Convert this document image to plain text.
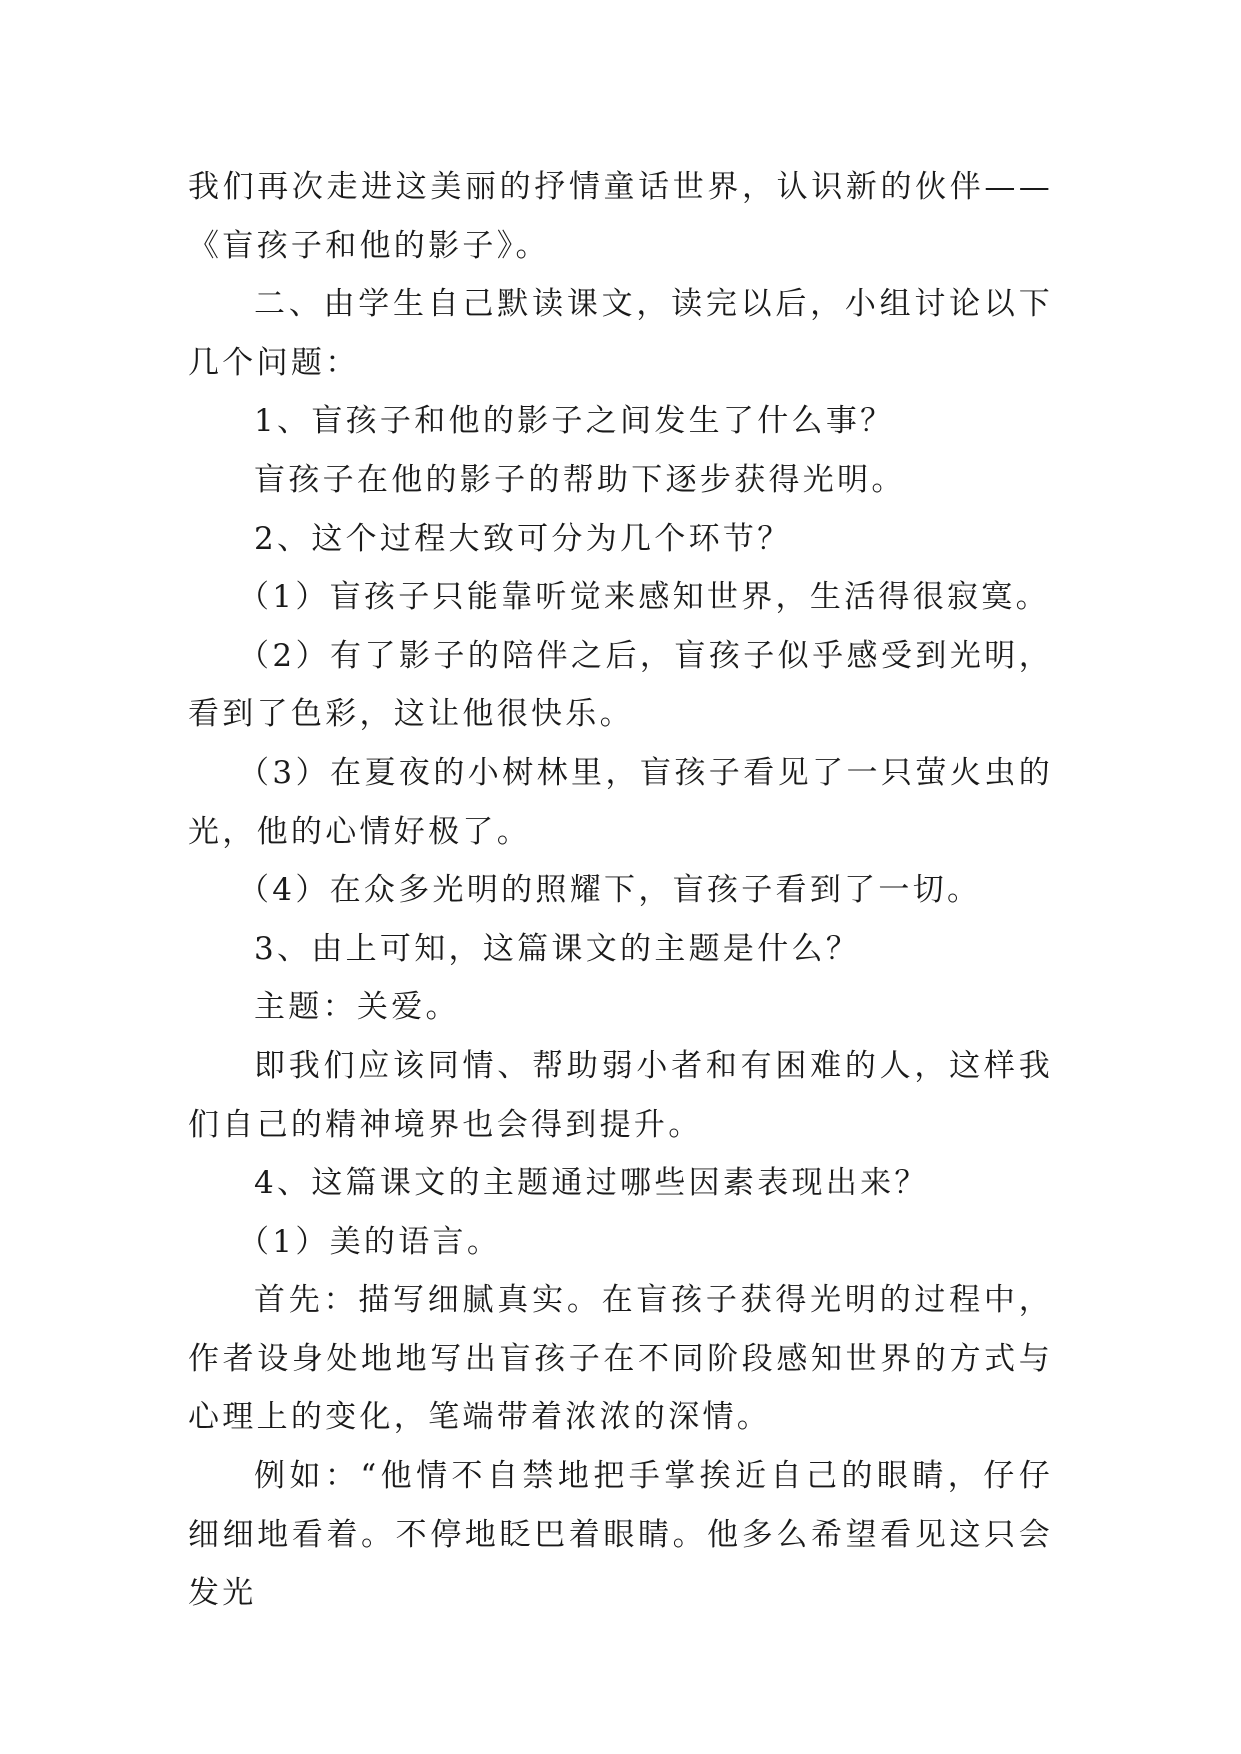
我们再次走进这美丽的抒情童话世界，认识新的伙伴——《盲孩子和他的影子》。

二、由学生自己默读课文，读完以后，小组讨论以下几个问题：

1、盲孩子和他的影子之间发生了什么事？

盲孩子在他的影子的帮助下逐步获得光明。

2、这个过程大致可分为几个环节？

（1）盲孩子只能靠听觉来感知世界，生活得很寂寞。

（2）有了影子的陪伴之后，盲孩子似乎感受到光明，看到了色彩，这让他很快乐。

（3）在夏夜的小树林里，盲孩子看见了一只萤火虫的光，他的心情好极了。

（4）在众多光明的照耀下，盲孩子看到了一切。

3、由上可知，这篇课文的主题是什么？

主题：关爱。

即我们应该同情、帮助弱小者和有困难的人，这样我们自己的精神境界也会得到提升。

4、这篇课文的主题通过哪些因素表现出来？

（1）美的语言。

首先：描写细腻真实。在盲孩子获得光明的过程中，作者设身处地地写出盲孩子在不同阶段感知世界的方式与心理上的变化，笔端带着浓浓的深情。

例如：“他情不自禁地把手掌挨近自己的眼睛，仔仔细细地看着。不停地眨巴着眼睛。他多么希望看见这只会发光
